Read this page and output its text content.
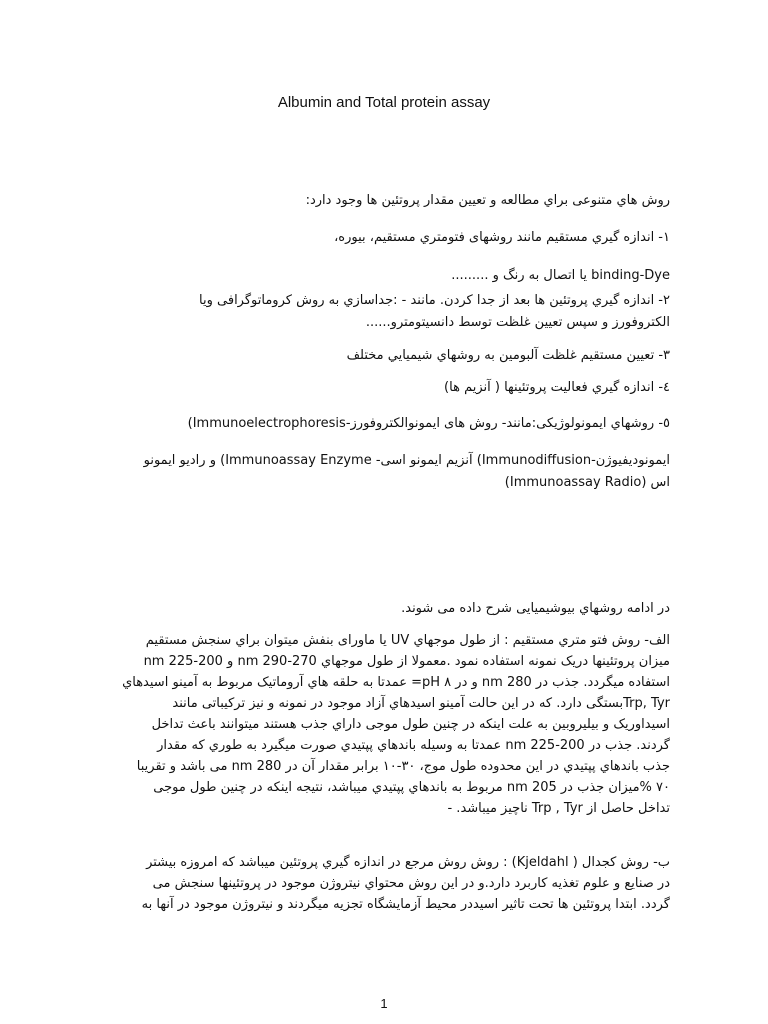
Albumin and Total protein assay
روش هاي متنوعی براي مطالعه و تعیین مقدار پروتئین ها وجود دارد:
۱- اندازه گيري مستقيم مانند روشهای فتومتري مستقيم، بيوره،
binding-Dye یا اتصال به رنگ و .........
۲- اندازه گيري پروتئين ها بعد از جدا كردن. مانند - :جداسازي به روش كروماتوگرافی ويا
الكتروفورز و سپس تعيين غلظت توسط دانسيتومترو......
۳- تعيين مستقيم غلظت آلبومين به روشهاي شيميايي مختلف
٤- اندازه گيري فعاليت پروتئينها ( آنزيم ها)
٥- روشهاي ايمونولوژيكی:مانند- روش های ايمونوالكتروفورز-Immunoelectrophoresis)
ايمونوديفيوژن-Immunodiffusion) آنزيم ايمونو اسی- Immunoassay Enzyme) و راديو ايمونو
اس (Immunoassay Radio)
در ادامه روشهاي بيوشيميايی شرح داده می شوند.
الف- روش فتو متري مستقيم : از طول موجهاي UV یا ماورای بنفش میتوان براي سنجش مستقيم
ميزان پروتئينها دريک نمونه استفاده نمود .معمولا از طول موجهاي nm 290-270 و nm 225-200
استفاده ميگردد. جذب در nm 280 و در pH ۸= عمدتا به حلقه هاي آروماتيک مربوط به آمينو اسيدهاي
Trp, Tyrبستگی دارد. كه در اين حالت آمينو اسيدهاي آزاد موجود در نمونه و نيز تركيباتی مانند
اسيداوريک و بيليروبين به علت اينكه در چنين طول موجی داراي جذب هستند ميتوانند باعث تداخل
گردند. جذب در nm 225-200 عمدتا به وسيله باندهاي پپتيدي صورت ميگيرد به طوري كه مقدار
جذب باندهاي پپتيدي در اين محدوده طول موج، ۳۰-۱۰ برابر مقدار آن در nm 280 می باشد و تقريبا
۷۰ %ميزان جذب در nm 205 مربوط به باندهاي پپتيدي ميباشد، نتيجه اينكه در چنين طول موجی
تداخل حاصل از Trp , Tyr ناچيز ميباشد. -
ب- روش كجدال ( Kjeldahl) : روش روش مرجع در اندازه گيري پروتئين ميباشد كه امروزه بيشتر
در صنايع و علوم تغذيه كاربرد دارد.و در اين روش محتواي نيتروژن موجود در پروتئينها سنجش می
گردد. ابتدا پروتئين ها تحت تاثير اسيددر محيط آزمايشگاه تجزيه ميگردند و نيتروژن موجود در آنها به
1
